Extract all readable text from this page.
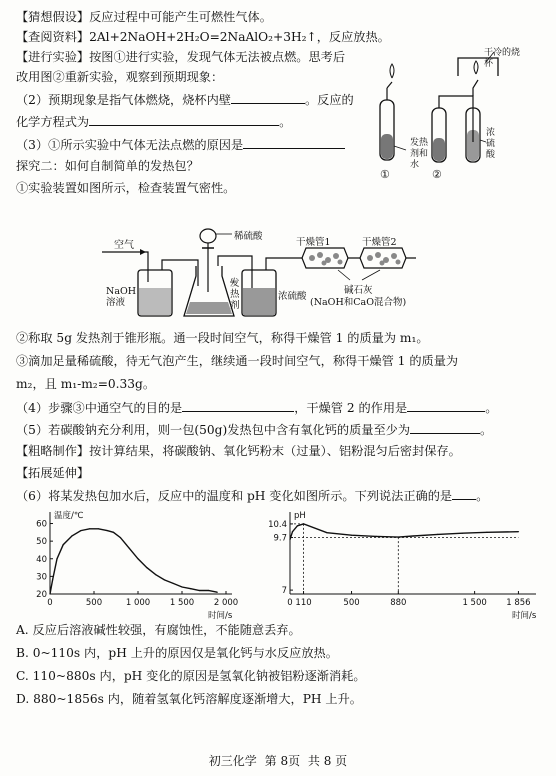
【猜想假设】反应过程中可能产生可燃性气体。
【查阅资料】2Al+2NaOH+2H₂O=2NaAlO₂+3H₂↑，反应放热。
【进行实验】按图①进行实验，发现气体无法被点燃。思考后
改用图②重新实验，观察到预期现象：
（2）预期现象是指气体燃烧，烧杯内壁	。反应的
化学方程式为	。
（3）①所示实验中气体无法点燃的原因是
探究二：如何自制简单的发热包？
①实验装置如图所示，检查装置气密性。
干冷的烧杯
发热剂和水
浓硫酸
①	②
空气
稀硫酸
NaOH溶液
发热剂
浓硫酸
干燥管1	干燥管2
碱石灰
(NaOH和CaO混合物)
②称取 5g 发热剂于锥形瓶。通一段时间空气，称得干燥管 1 的质量为 m₁。
③滴加足量稀硫酸，待无气泡产生，继续通一段时间空气，称得干燥管 1 的质量为
m₂，且 m₁-m₂=0.33g。
（4）步骤③中通空气的目的是	，干燥管 2 的作用是	。
（5）若碳酸钠充分利用，则一包(50g)发热包中含有氧化钙的质量至少为	。
【粗略制作】按计算结果，将碳酸钠、氧化钙粉末（过量）、铝粉混匀后密封保存。
【拓展延伸】
（6）将某发热包加水后，反应中的温度和 pH 变化如图所示。下列说法正确的是 。
温度/℃
时间/s
0	500	1 000 1 500 2 000
20
30
40
50
60
pH
时间/s
0 110	500	880	1 500 1 856
7
9.7
10.4
A. 反应后溶液碱性较强，有腐蚀性，不能随意丢弃。
B. 0~110s 内，pH 上升的原因仅是氧化钙与水反应放热。
C. 110~880s 内，pH 变化的原因是氢氧化钠被铝粉逐渐消耗。
D. 880~1856s 内，随着氢氧化钙溶解度逐渐增大，PH 上升。
初三化学 第 8页 共 8 页
